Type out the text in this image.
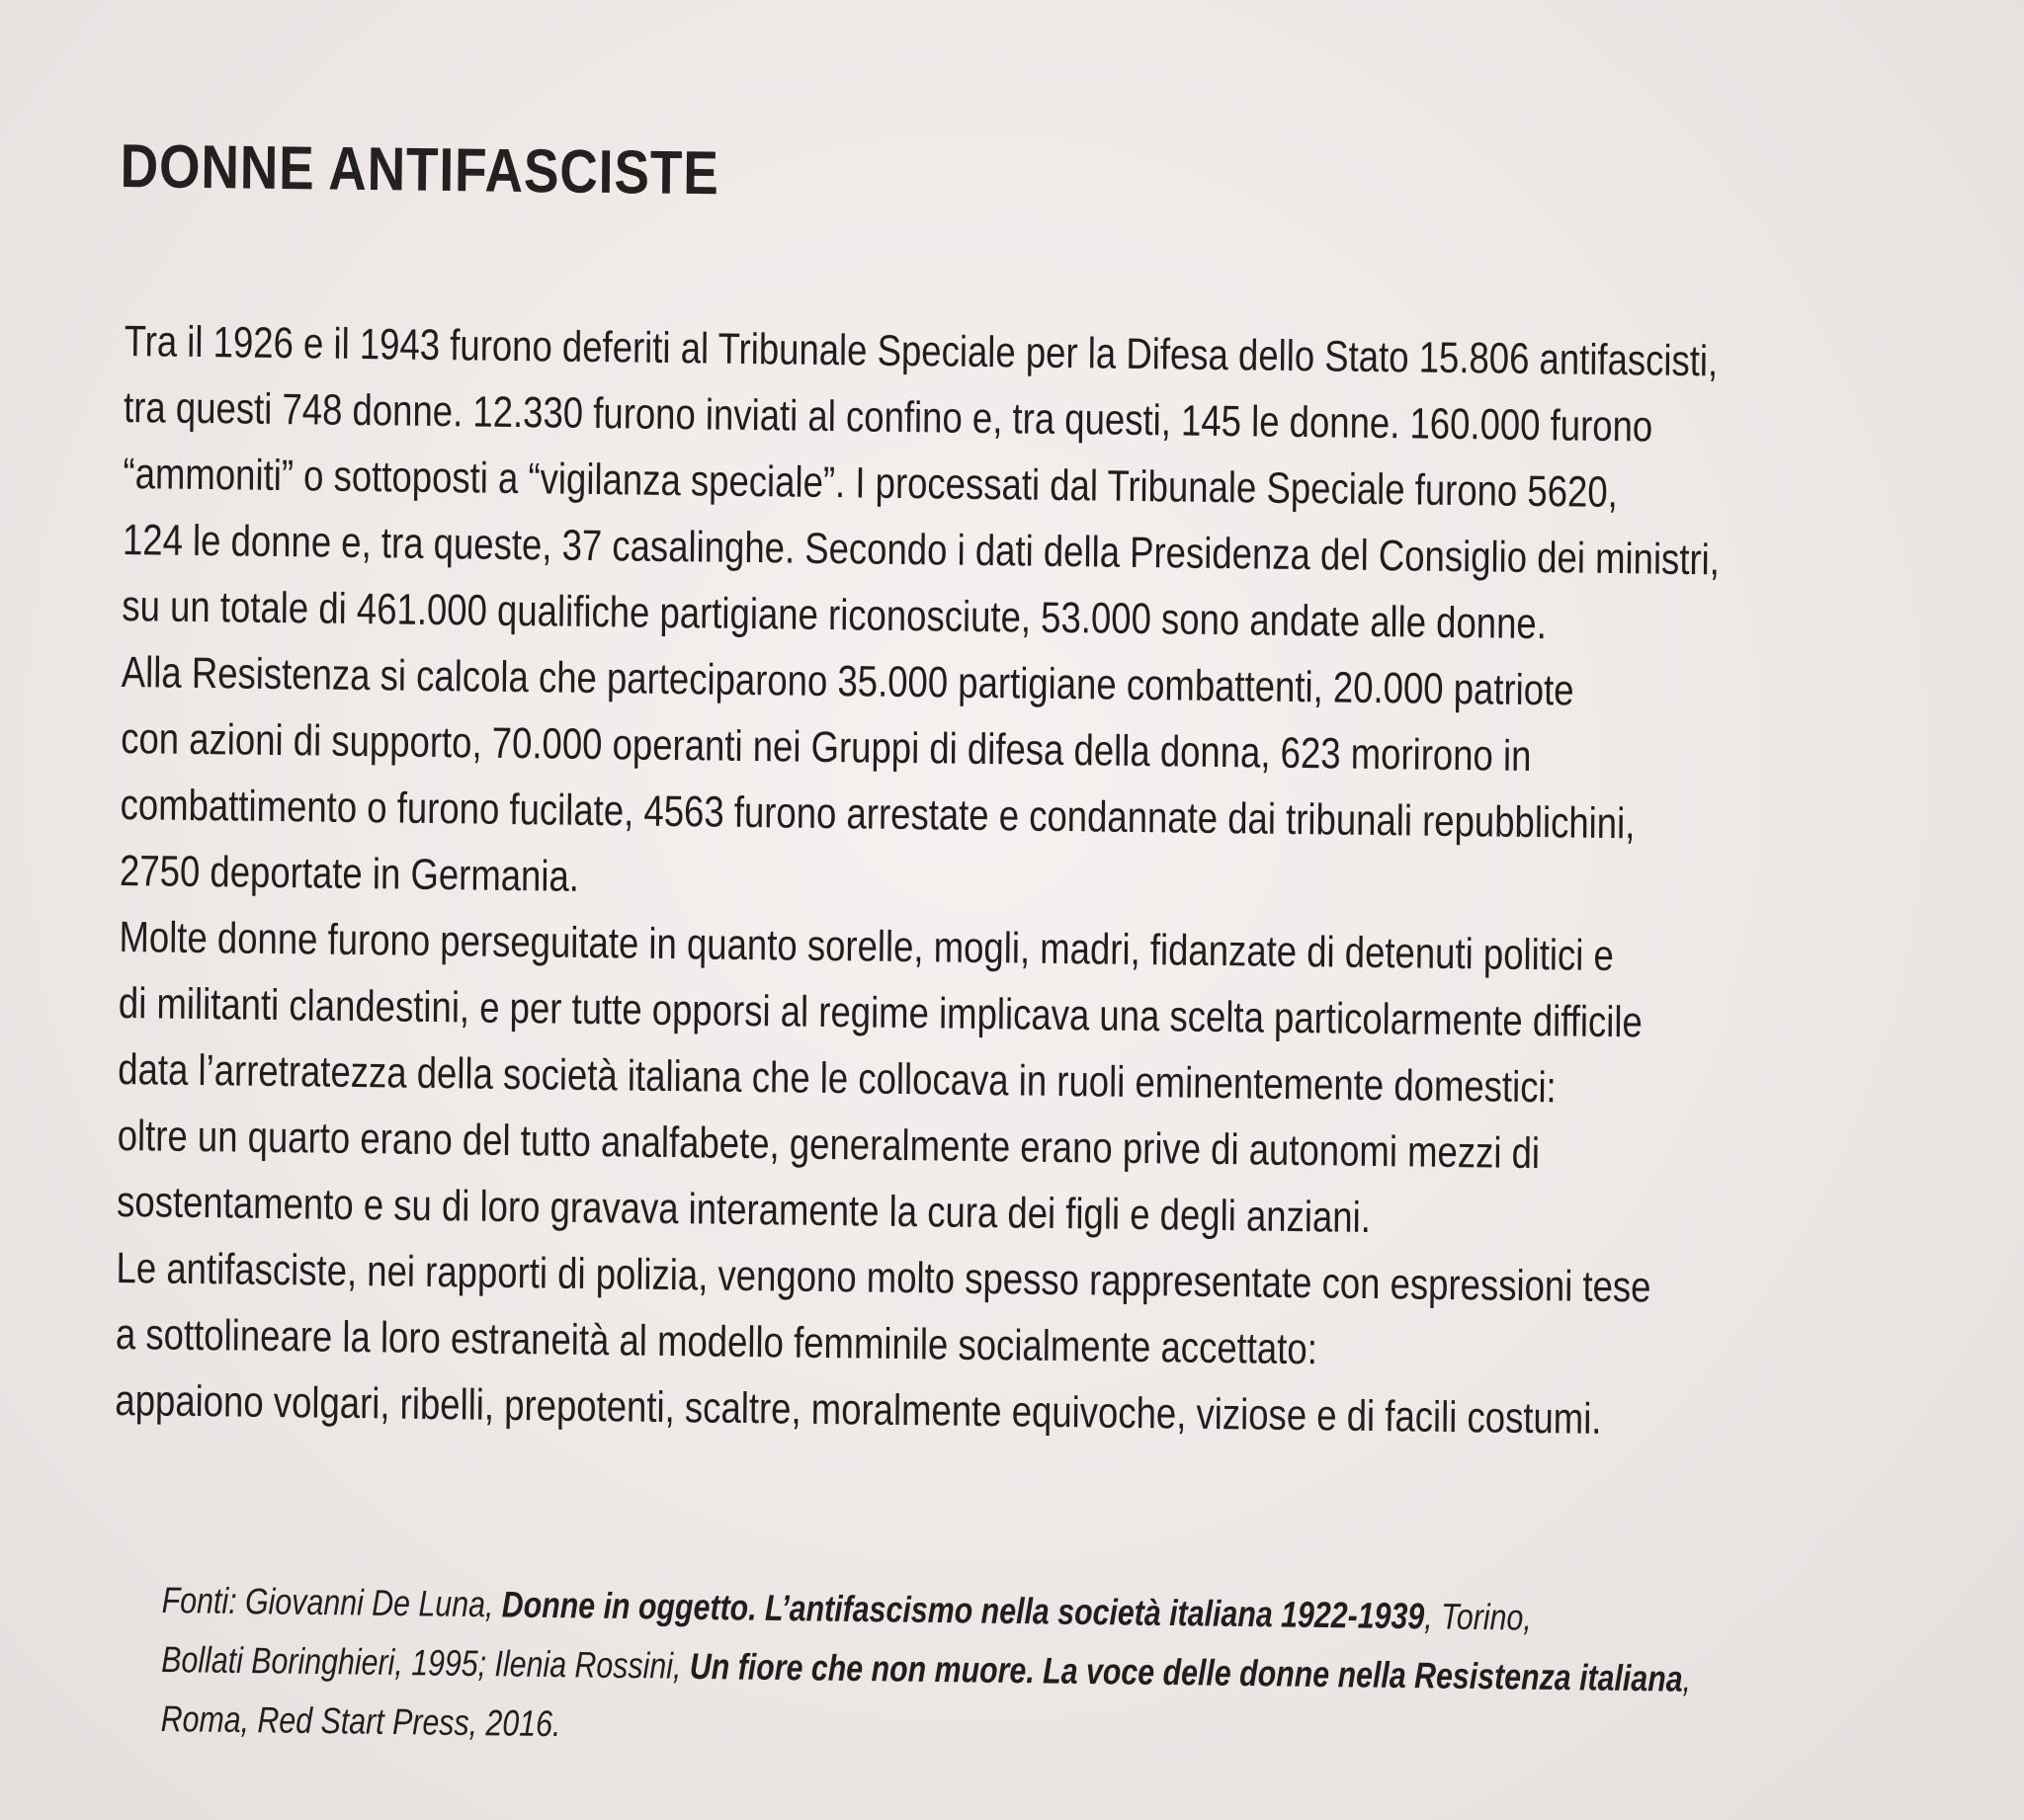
DONNE ANTIFASCISTE
Tra il 1926 e il 1943 furono deferiti al Tribunale Speciale per la Difesa dello Stato 15.806 antifascisti,
tra questi 748 donne. 12.330 furono inviati al confino e, tra questi, 145 le donne. 160.000 furono
“ammoniti” o sottoposti a “vigilanza speciale”. I processati dal Tribunale Speciale furono 5620,
124 le donne e, tra queste, 37 casalinghe. Secondo i dati della Presidenza del Consiglio dei ministri,
su un totale di 461.000 qualifiche partigiane riconosciute, 53.000 sono andate alle donne.
Alla Resistenza si calcola che parteciparono 35.000 partigiane combattenti, 20.000 patriote
con azioni di supporto, 70.000 operanti nei Gruppi di difesa della donna, 623 morirono in
combattimento o furono fucilate, 4563 furono arrestate e condannate dai tribunali repubblichini,
2750 deportate in Germania.
Molte donne furono perseguitate in quanto sorelle, mogli, madri, fidanzate di detenuti politici e
di militanti clandestini, e per tutte opporsi al regime implicava una scelta particolarmente difficile
data l’arretratezza della società italiana che le collocava in ruoli eminentemente domestici:
oltre un quarto erano del tutto analfabete, generalmente erano prive di autonomi mezzi di
sostentamento e su di loro gravava interamente la cura dei figli e degli anziani.
Le antifasciste, nei rapporti di polizia, vengono molto spesso rappresentate con espressioni tese
a sottolineare la loro estraneità al modello femminile socialmente accettato:
appaiono volgari, ribelli, prepotenti, scaltre, moralmente equivoche, viziose e di facili costumi.
Fonti: Giovanni De Luna, Donne in oggetto. L’antifascismo nella società italiana 1922-1939, Torino,
Bollati Boringhieri, 1995; Ilenia Rossini, Un fiore che non muore. La voce delle donne nella Resistenza italiana,
Roma, Red Start Press, 2016.
